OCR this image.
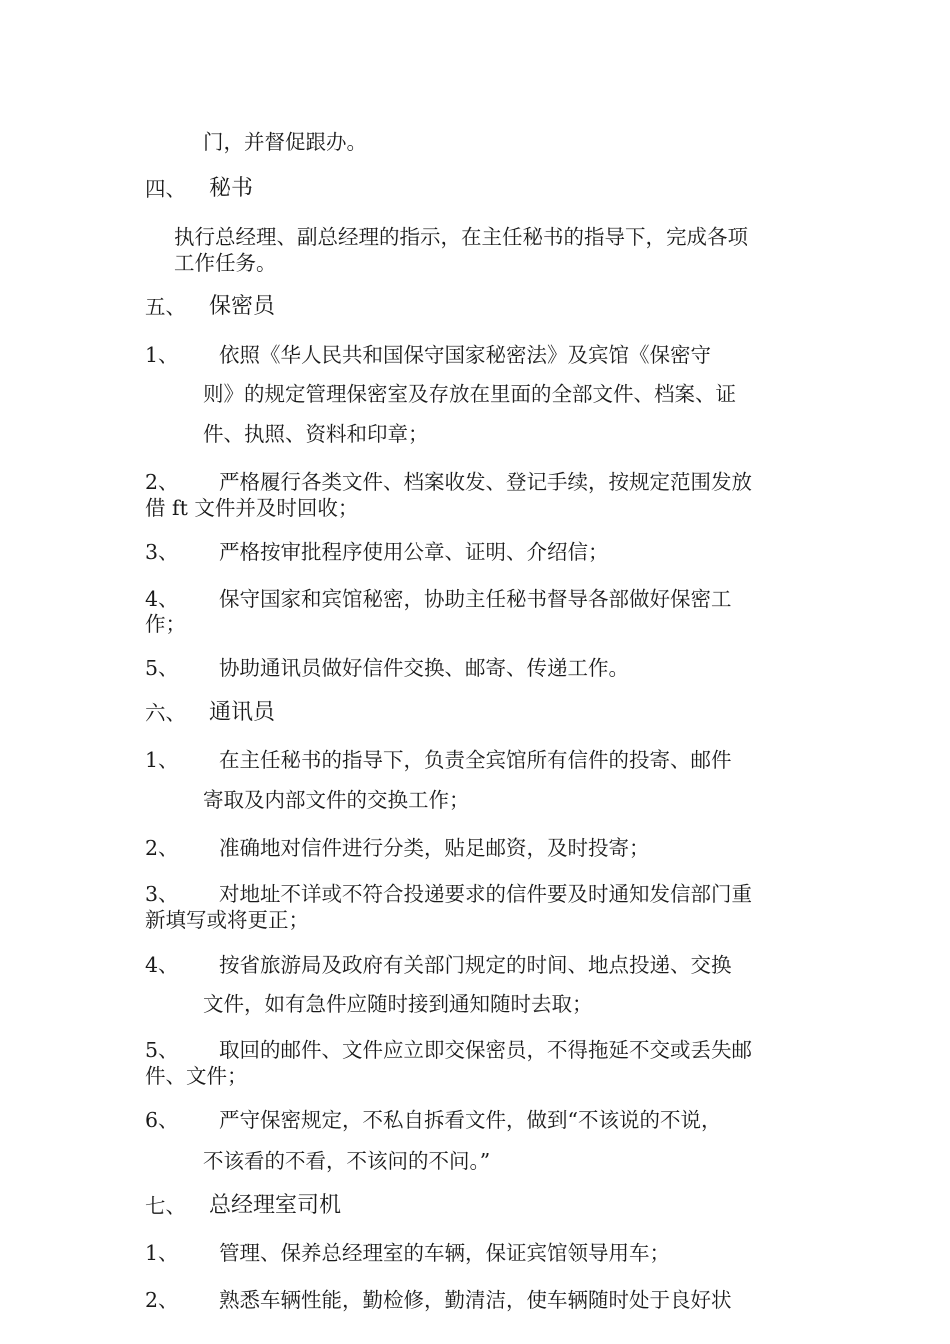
门，并督促跟办。
四、 秘书
执行总经理、副总经理的指示，在主任秘书的指导下，完成各项
工作任务。
五、 保密员
1、 依照《华人民共和国保守国家秘密法》及宾馆《保密守
则》的规定管理保密室及存放在里面的全部文件、档案、证
件、执照、资料和印章；
2、 严格履行各类文件、档案收发、登记手续，按规定范围发放
借 ft 文件并及时回收；
3、 严格按审批程序使用公章、证明、介绍信；
4、 保守国家和宾馆秘密，协助主任秘书督导各部做好保密工
作；
5、 协助通讯员做好信件交换、邮寄、传递工作。
六、 通讯员
1、 在主任秘书的指导下，负责全宾馆所有信件的投寄、邮件
寄取及内部文件的交换工作；
2、 准确地对信件进行分类，贴足邮资，及时投寄；
3、 对地址不详或不符合投递要求的信件要及时通知发信部门重
新填写或将更正；
4、 按省旅游局及政府有关部门规定的时间、地点投递、交换
文件，如有急件应随时接到通知随时去取；
5、 取回的邮件、文件应立即交保密员，不得拖延不交或丢失邮
件、文件；
6、 严守保密规定，不私自拆看文件，做到“不该说的不说，
不该看的不看，不该问的不问。”
七、 总经理室司机
1、 管理、保养总经理室的车辆，保证宾馆领导用车；
2、 熟悉车辆性能，勤检修，勤清洁，使车辆随时处于良好状
